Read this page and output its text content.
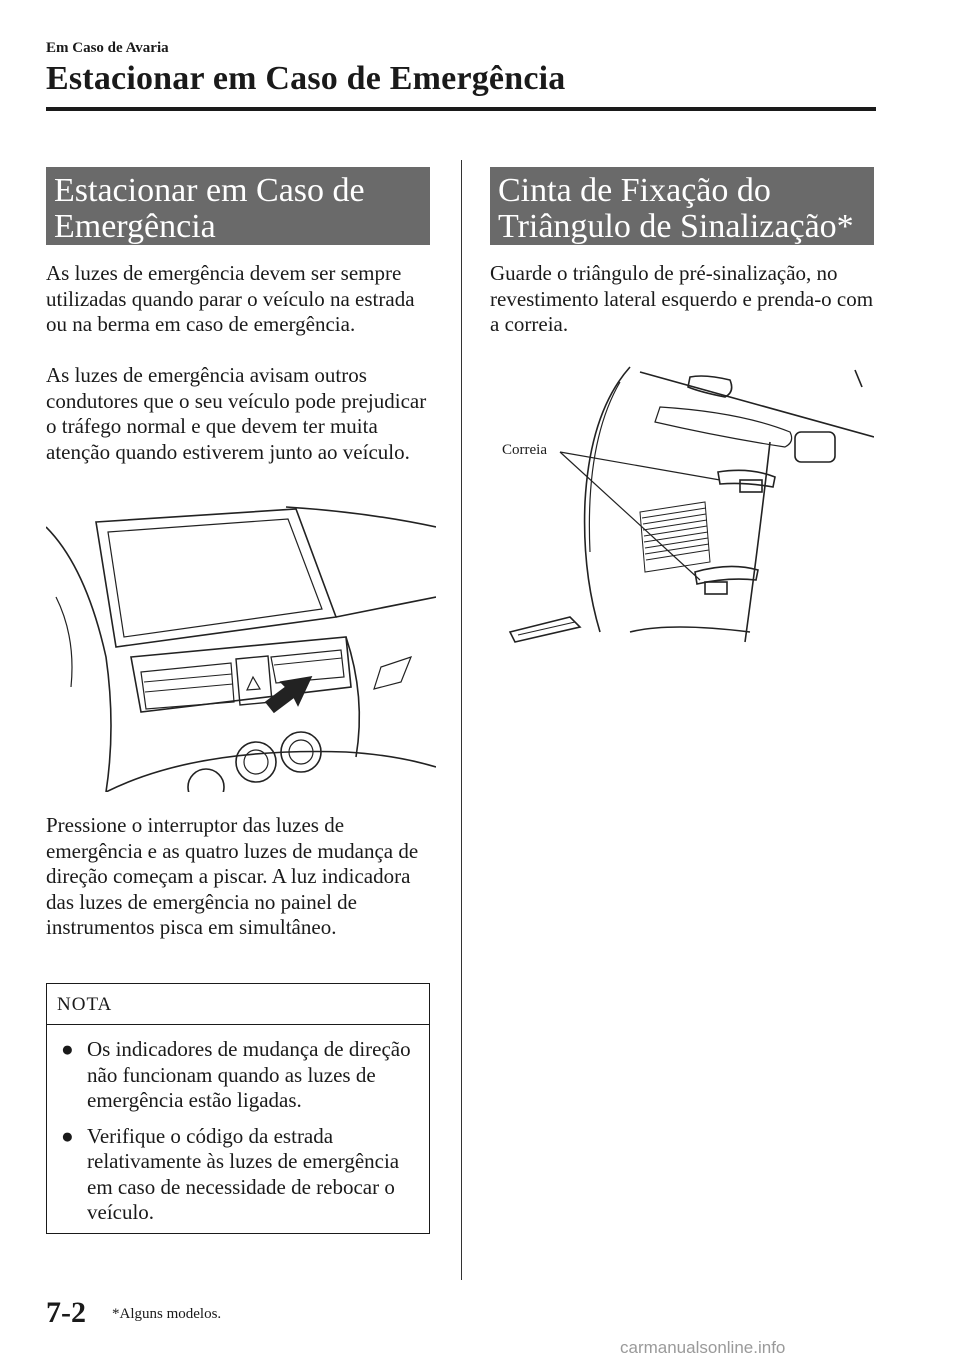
Em Caso de Avaria
Estacionar em Caso de Emergência
Estacionar em Caso de
Emergência
As luzes de emergência devem ser sempre utilizadas quando parar o veículo na estrada ou na berma em caso de emergência.
As luzes de emergência avisam outros condutores que o seu veículo pode prejudicar o tráfego normal e que devem ter muita atenção quando estiverem junto ao veículo.
Pressione o interruptor das luzes de emergência e as quatro luzes de mudança de direção começam a piscar. A luz indicadora das luzes de emergência no painel de instrumentos pisca em simultâneo.
NOTA
● Os indicadores de mudança de direção não funcionam quando as luzes de emergência estão ligadas.
● Verifique o código da estrada relativamente às luzes de emergência em caso de necessidade de rebocar o veículo.
Cinta de Fixação do
Triângulo de Sinalização*
Guarde o triângulo de pré-sinalização, no revestimento lateral esquerdo e prenda-o com a correia.
Correia
7-2 *Alguns modelos.
carmanualsonline.info
